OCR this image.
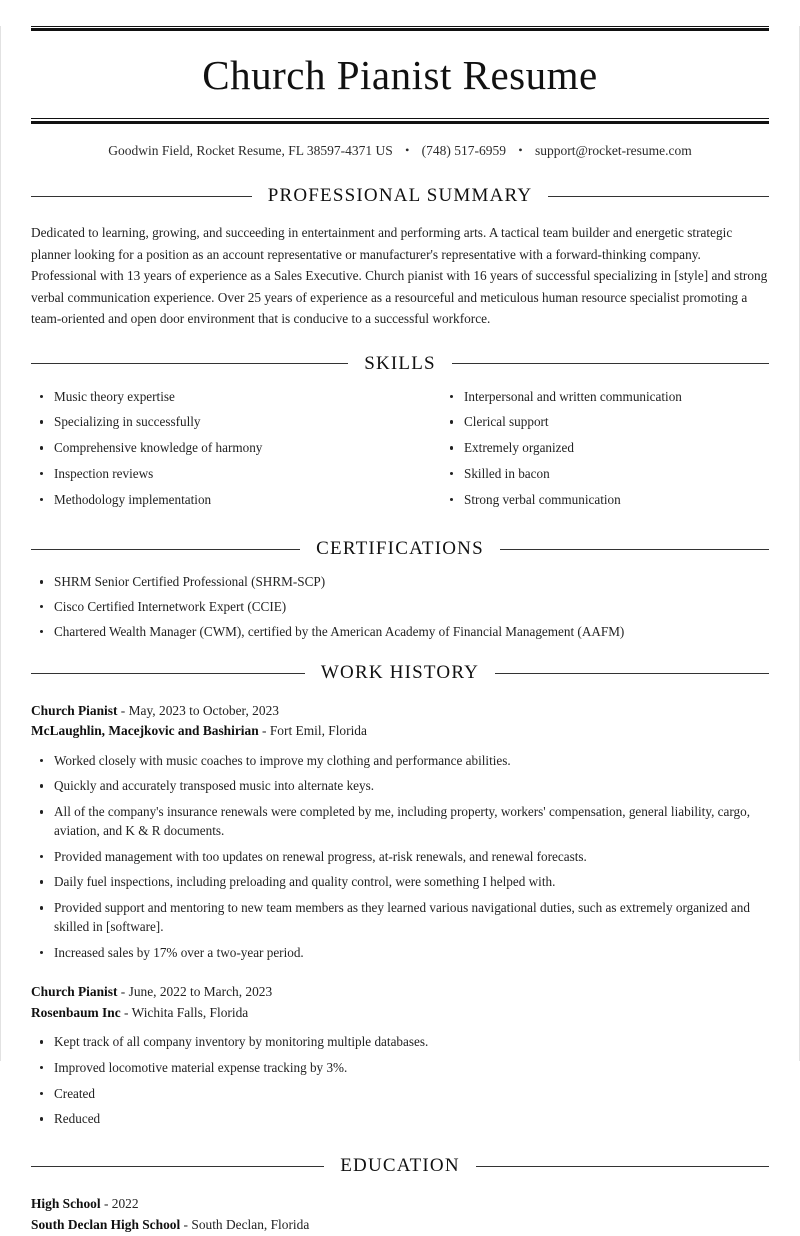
Church Pianist Resume
Goodwin Field, Rocket Resume, FL 38597-4371 US • (748) 517-6959 • support@rocket-resume.com
PROFESSIONAL SUMMARY

Dedicated to learning, growing, and succeeding in entertainment and performing arts. A tactical team builder and energetic strategic planner looking for a position as an account representative or manufacturer's representative with a forward-thinking company. Professional with 13 years of experience as a Sales Executive. Church pianist with 16 years of successful specializing in [style] and strong verbal communication experience. Over 25 years of experience as a resourceful and meticulous human resource specialist promoting a team-oriented and open door environment that is conducive to a successful workforce.

SKILLS
Music theory expertise
Specializing in successfully
Comprehensive knowledge of harmony
Inspection reviews
Methodology implementation
Interpersonal and written communication
Clerical support
Extremely organized
Skilled in bacon
Strong verbal communication
CERTIFICATIONS
SHRM Senior Certified Professional (SHRM-SCP)
Cisco Certified Internetwork Expert (CCIE)
Chartered Wealth Manager (CWM), certified by the American Academy of Financial Management (AAFM)
WORK HISTORY
Church Pianist - May, 2023 to October, 2023
McLaughlin, Macejkovic and Bashirian - Fort Emil, Florida
Worked closely with music coaches to improve my clothing and performance abilities.
Quickly and accurately transposed music into alternate keys.
All of the company's insurance renewals were completed by me, including property, workers' compensation, general liability, cargo, aviation, and K & R documents.
Provided management with too updates on renewal progress, at-risk renewals, and renewal forecasts.
Daily fuel inspections, including preloading and quality control, were something I helped with.
Provided support and mentoring to new team members as they learned various navigational duties, such as extremely organized and skilled in [software].
Increased sales by 17% over a two-year period.
Church Pianist - June, 2022 to March, 2023
Rosenbaum Inc - Wichita Falls, Florida
Kept track of all company inventory by monitoring multiple databases.
Improved locomotive material expense tracking by 3%.
Created
Reduced
EDUCATION
High School - 2022
South Declan High School - South Declan, Florida
